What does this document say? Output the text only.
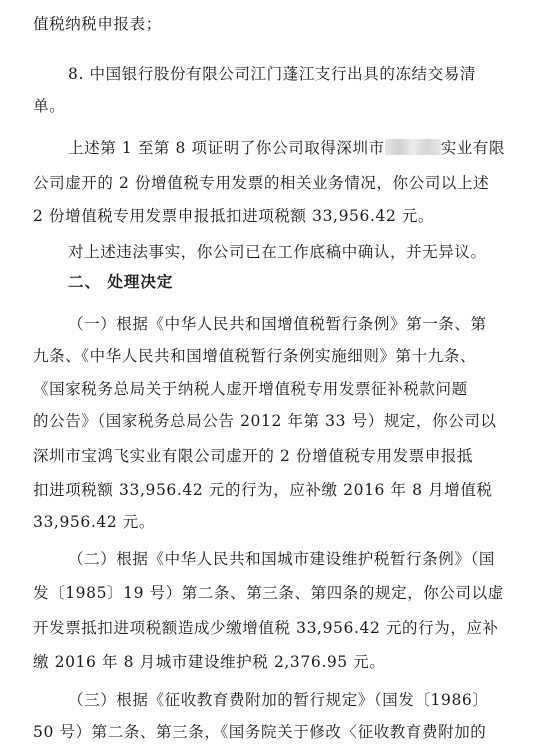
值税纳税申报表；
8. 中国银行股份有限公司江门蓬江支行出具的冻结交易清
单。
上述第 1 至第 8 项证明了你公司取得深圳市	实业有限
公司虚开的 2 份增值税专用发票的相关业务情况，你公司以上述
2 份增值税专用发票申报抵扣进项税额 33,956.42 元。
对上述违法事实，你公司已在工作底稿中确认，并无异议。
二、 处理决定
（一）根据《中华人民共和国增值税暂行条例》第一条、第
九条、《中华人民共和国增值税暂行条例实施细则》第十九条、
《国家税务总局关于纳税人虚开增值税专用发票征补税款问题
的公告》（国家税务总局公告 2012 年第 33 号）规定，你公司以
深圳市宝鸿飞实业有限公司虚开的 2 份增值税专用发票申报抵
扣进项税额 33,956.42 元的行为，应补缴 2016 年 8 月增值税
33,956.42 元。
（二）根据《中华人民共和国城市建设维护税暂行条例》（国
发〔1985〕19 号）第二条、第三条、第四条的规定，你公司以虚
开发票抵扣进项税额造成少缴增值税 33,956.42 元的行为，应补
缴 2016 年 8 月城市建设维护税 2,376.95 元。
（三）根据《征收教育费附加的暂行规定》（国发〔1986〕
50 号）第二条、第三条，《国务院关于修改〈征收教育费附加的
